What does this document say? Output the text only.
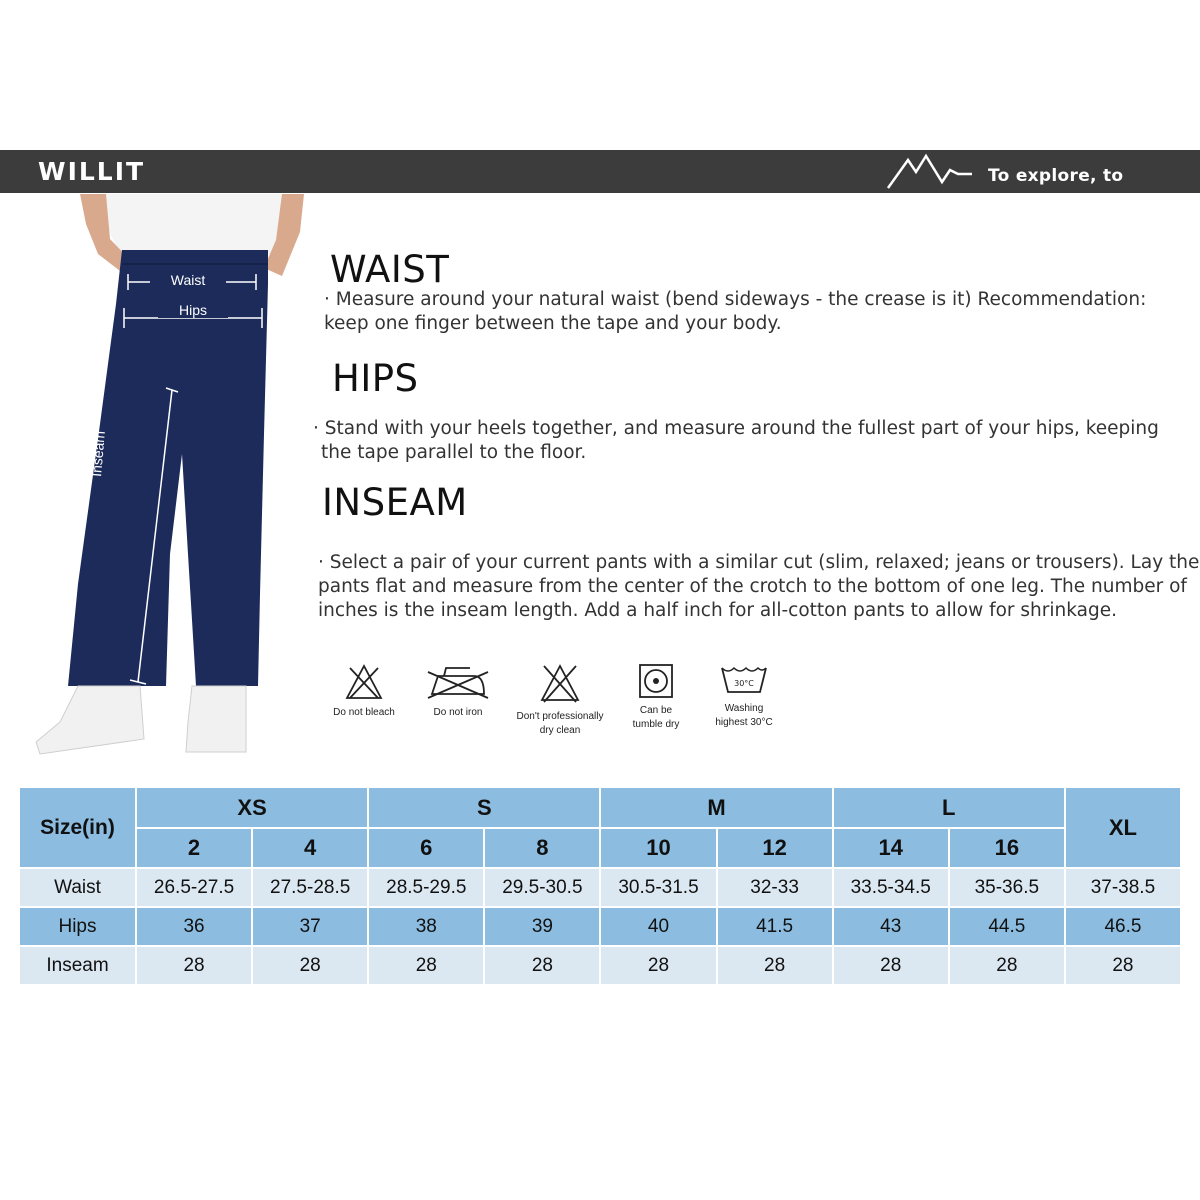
WILLIT	To explore, to discover
Waist
Hips
Inseam
WAIST
· Measure around your natural waist (bend sideways - the crease is it) Recommendation:
keep one finger between the tape and your body.
HIPS
· Stand with your heels together, and measure around the fullest part of your hips, keeping
the tape parallel to the floor.
INSEAM
· Select a pair of your current pants with a similar cut (slim, relaxed; jeans or trousers). Lay the
pants flat and measure from the center of the crotch to the bottom of one leg. The number of
inches is the inseam length. Add a half inch for all-cotton pants to allow for shrinkage.
Do not bleach	Do not iron	Don't professionally
dry clean
Can be
tumble dry
30°C
Washing
highest 30°C
Size(in)	XS		S		M		L		XL
	2	4	6	8	10	12	14	16	
Waist	26.5-27.5	27.5-28.5	28.5-29.5	29.5-30.5	30.5-31.5	32-33	33.5-34.5	35-36.5	37-38.5
Hips	36	37	38	39	40	41.5	43	44.5	46.5
Inseam	28	28	28	28	28	28	28	28	28
